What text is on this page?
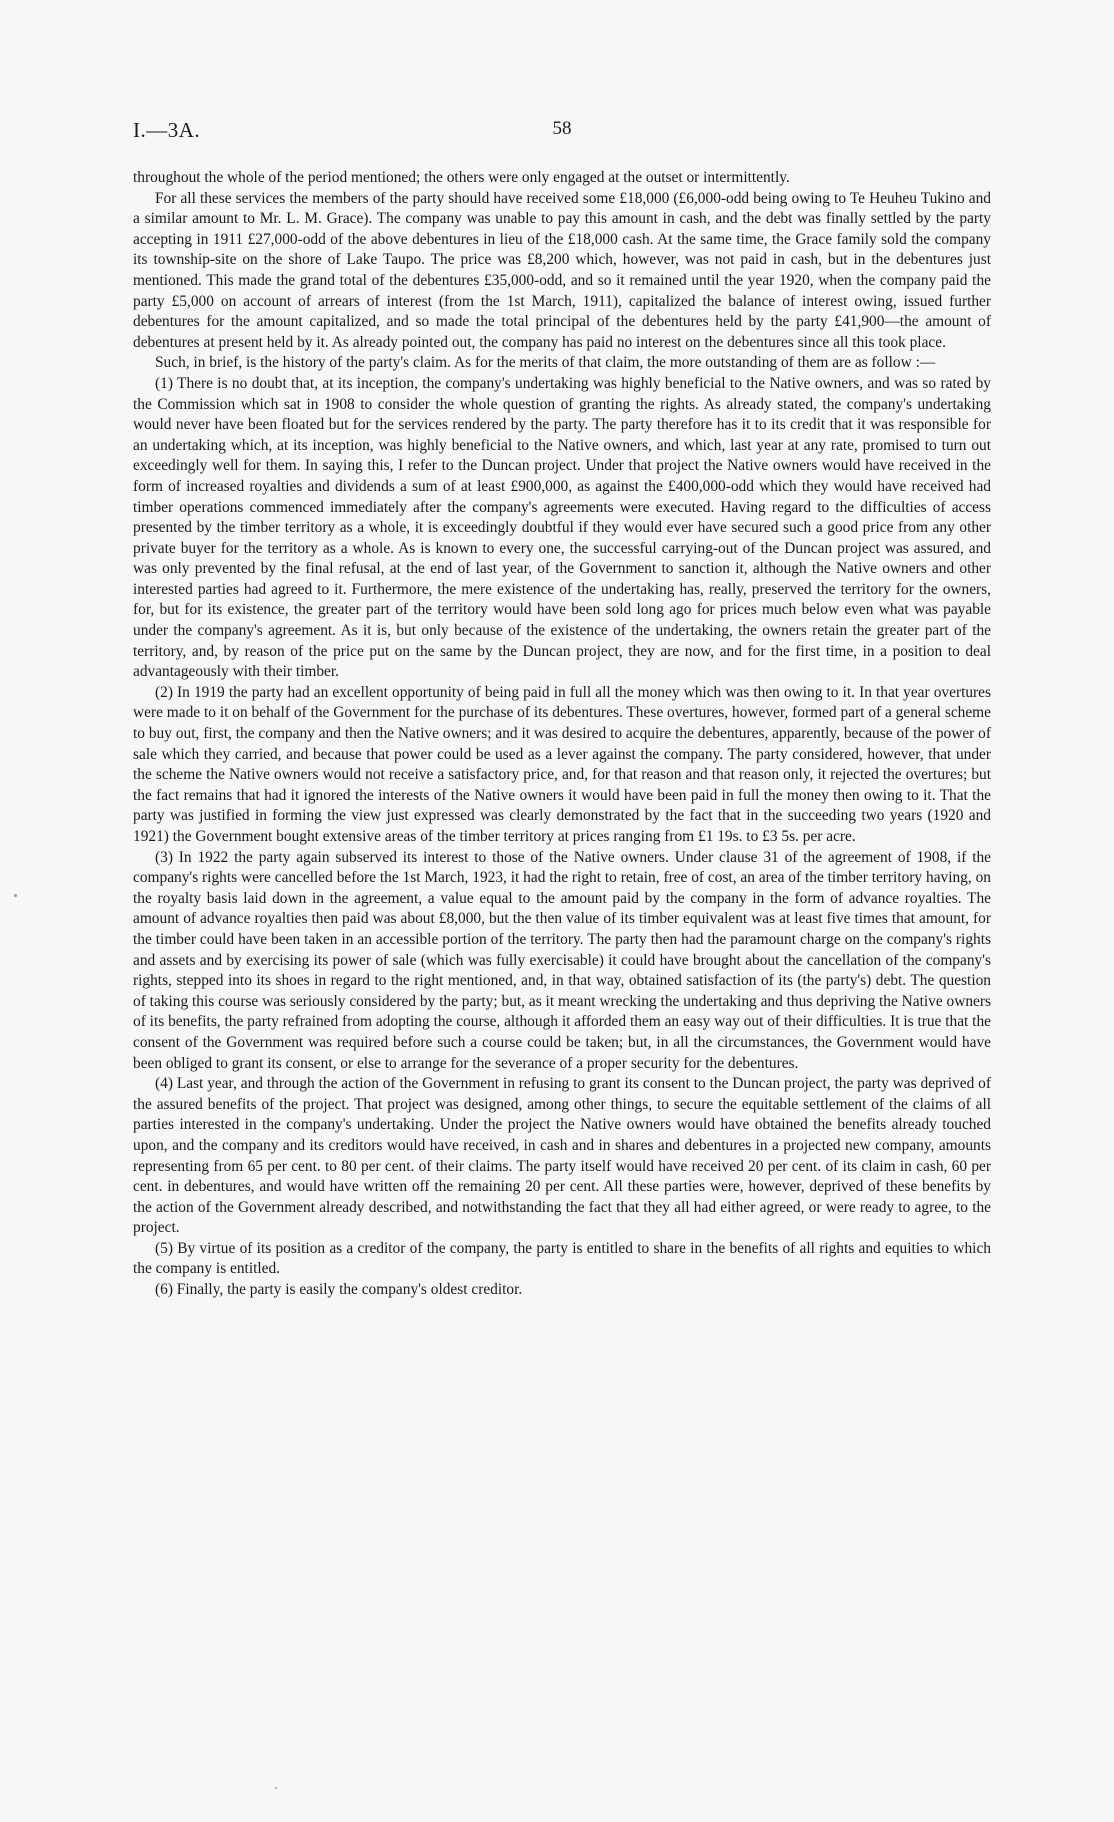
I.—3A.	58

throughout the whole of the period mentioned; the others were only engaged at the outset or intermittently.

For all these services the members of the party should have received some £18,000 (£6,000-odd being owing to Te Heuheu Tukino and a similar amount to Mr. L. M. Grace). The company was unable to pay this amount in cash, and the debt was finally settled by the party accepting in 1911 £27,000-odd of the above debentures in lieu of the £18,000 cash. At the same time, the Grace family sold the company its township-site on the shore of Lake Taupo. The price was £8,200 which, however, was not paid in cash, but in the debentures just mentioned. This made the grand total of the debentures £35,000-odd, and so it remained until the year 1920, when the company paid the party £5,000 on account of arrears of interest (from the 1st March, 1911), capitalized the balance of interest owing, issued further debentures for the amount capitalized, and so made the total principal of the debentures held by the party £41,900—the amount of debentures at present held by it. As already pointed out, the company has paid no interest on the debentures since all this took place.

Such, in brief, is the history of the party's claim. As for the merits of that claim, the more outstanding of them are as follow :—

(1) There is no doubt that, at its inception, the company's undertaking was highly beneficial to the Native owners, and was so rated by the Commission which sat in 1908 to consider the whole question of granting the rights. As already stated, the company's undertaking would never have been floated but for the services rendered by the party. The party therefore has it to its credit that it was responsible for an undertaking which, at its inception, was highly beneficial to the Native owners, and which, last year at any rate, promised to turn out exceedingly well for them. In saying this, I refer to the Duncan project. Under that project the Native owners would have received in the form of increased royalties and dividends a sum of at least £900,000, as against the £400,000-odd which they would have received had timber operations commenced immediately after the company's agreements were executed. Having regard to the difficulties of access presented by the timber territory as a whole, it is exceedingly doubtful if they would ever have secured such a good price from any other private buyer for the territory as a whole. As is known to every one, the successful carrying-out of the Duncan project was assured, and was only prevented by the final refusal, at the end of last year, of the Government to sanction it, although the Native owners and other interested parties had agreed to it. Furthermore, the mere existence of the undertaking has, really, preserved the territory for the owners, for, but for its existence, the greater part of the territory would have been sold long ago for prices much below even what was payable under the company's agreement. As it is, but only because of the existence of the undertaking, the owners retain the greater part of the territory, and, by reason of the price put on the same by the Duncan project, they are now, and for the first time, in a position to deal advantageously with their timber.

(2) In 1919 the party had an excellent opportunity of being paid in full all the money which was then owing to it. In that year overtures were made to it on behalf of the Government for the purchase of its debentures. These overtures, however, formed part of a general scheme to buy out, first, the company and then the Native owners; and it was desired to acquire the debentures, apparently, because of the power of sale which they carried, and because that power could be used as a lever against the company. The party considered, however, that under the scheme the Native owners would not receive a satisfactory price, and, for that reason and that reason only, it rejected the overtures; but the fact remains that had it ignored the interests of the Native owners it would have been paid in full the money then owing to it. That the party was justified in forming the view just expressed was clearly demonstrated by the fact that in the succeeding two years (1920 and 1921) the Government bought extensive areas of the timber territory at prices ranging from £1 19s. to £3 5s. per acre.

(3) In 1922 the party again subserved its interest to those of the Native owners. Under clause 31 of the agreement of 1908, if the company's rights were cancelled before the 1st March, 1923, it had the right to retain, free of cost, an area of the timber territory having, on the royalty basis laid down in the agreement, a value equal to the amount paid by the company in the form of advance royalties. The amount of advance royalties then paid was about £8,000, but the then value of its timber equivalent was at least five times that amount, for the timber could have been taken in an accessible portion of the territory. The party then had the paramount charge on the company's rights and assets and by exercising its power of sale (which was fully exercisable) it could have brought about the cancellation of the company's rights, stepped into its shoes in regard to the right mentioned, and, in that way, obtained satisfaction of its (the party's) debt. The question of taking this course was seriously considered by the party; but, as it meant wrecking the undertaking and thus depriving the Native owners of its benefits, the party refrained from adopting the course, although it afforded them an easy way out of their difficulties. It is true that the consent of the Government was required before such a course could be taken; but, in all the circumstances, the Government would have been obliged to grant its consent, or else to arrange for the severance of a proper security for the debentures.

(4) Last year, and through the action of the Government in refusing to grant its consent to the Duncan project, the party was deprived of the assured benefits of the project. That project was designed, among other things, to secure the equitable settlement of the claims of all parties interested in the company's undertaking. Under the project the Native owners would have obtained the benefits already touched upon, and the company and its creditors would have received, in cash and in shares and debentures in a projected new company, amounts representing from 65 per cent. to 80 per cent. of their claims. The party itself would have received 20 per cent. of its claim in cash, 60 per cent. in debentures, and would have written off the remaining 20 per cent. All these parties were, however, deprived of these benefits by the action of the Government already described, and notwithstanding the fact that they all had either agreed, or were ready to agree, to the project.

(5) By virtue of its position as a creditor of the company, the party is entitled to share in the benefits of all rights and equities to which the company is entitled.

(6) Finally, the party is easily the company's oldest creditor.
